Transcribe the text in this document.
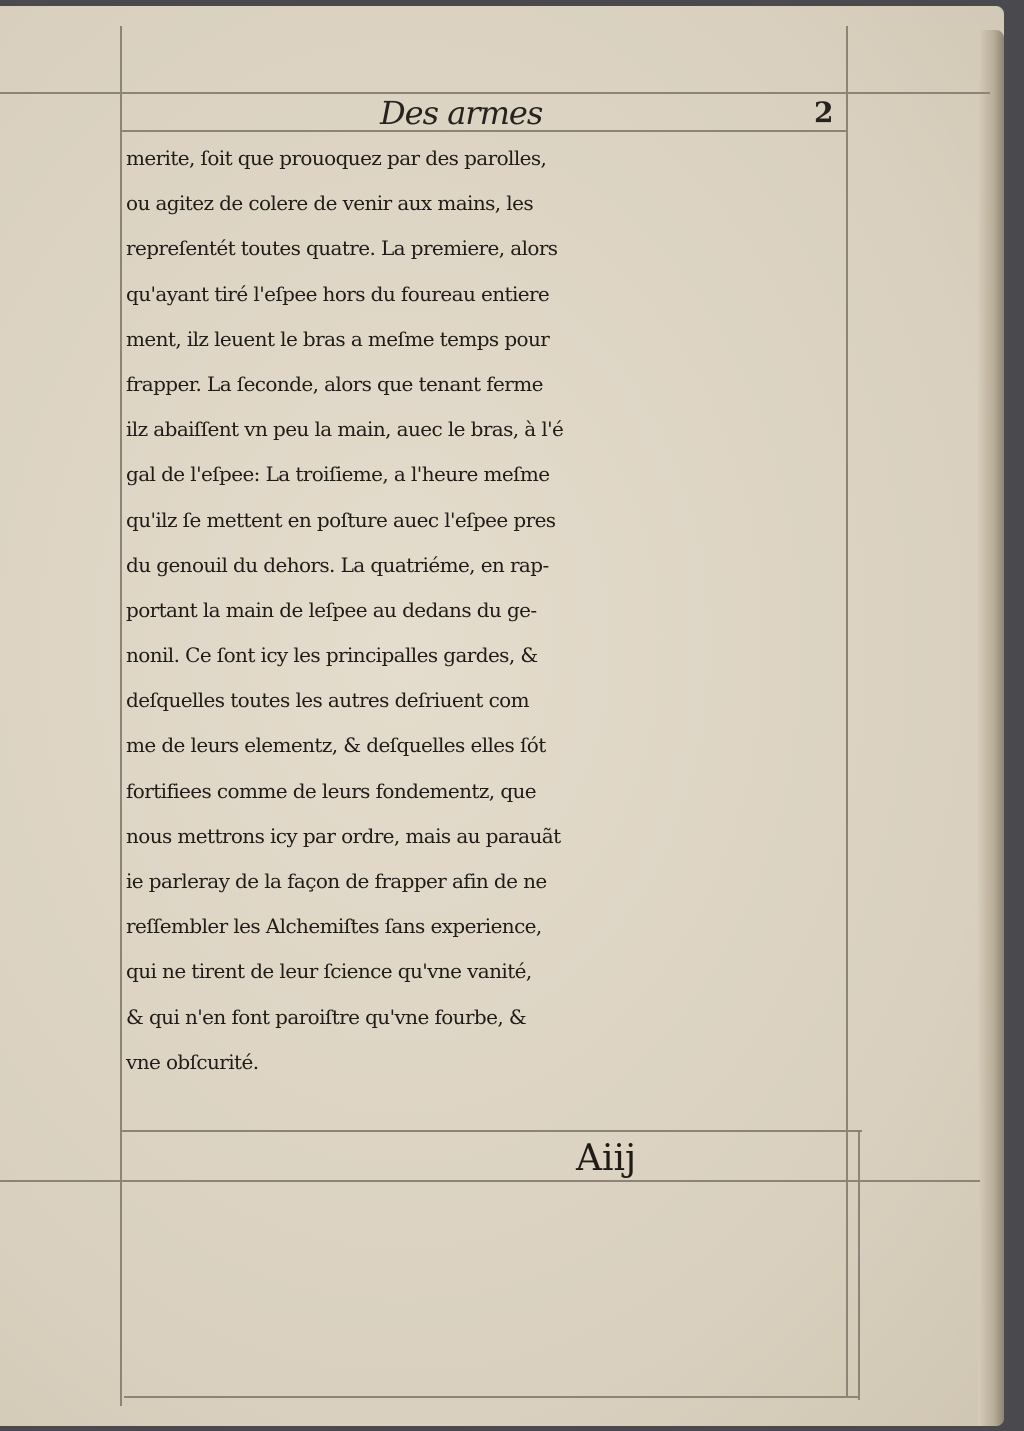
Des armes	2
merite, ſoit que prouoquez par des parolles,
ou agitez de colere de venir aux mains, les
repreſentét toutes quatre. La premiere, alors
qu'ayant tiré l'eſpee hors du foureau entiere
ment, ilz leuent le bras a meſme temps pour
frapper. La ſeconde, alors que tenant ferme
ilz abaiſſent vn peu la main, auec le bras, à l'é
gal de l'eſpee: La troiſieme, a l'heure meſme
qu'ilz ſe mettent en poſture auec l'eſpee pres
du genouil du dehors. La quatriéme, en rap-
portant la main de leſpee au dedans du ge-
nonil. Ce ſont icy les principalles gardes, &
deſquelles toutes les autres deſriuent com
me de leurs elementz, & deſquelles elles ſót
fortifiees comme de leurs fondementz, que
nous mettrons icy par ordre, mais au parauãt
ie parleray de la façon de frapper afin de ne
reſſembler les Alchemiſtes ſans experience,
qui ne tirent de leur ſcience qu'vne vanité,
& qui n'en font paroiſtre qu'vne fourbe, &
vne obſcurité.
Aiij
